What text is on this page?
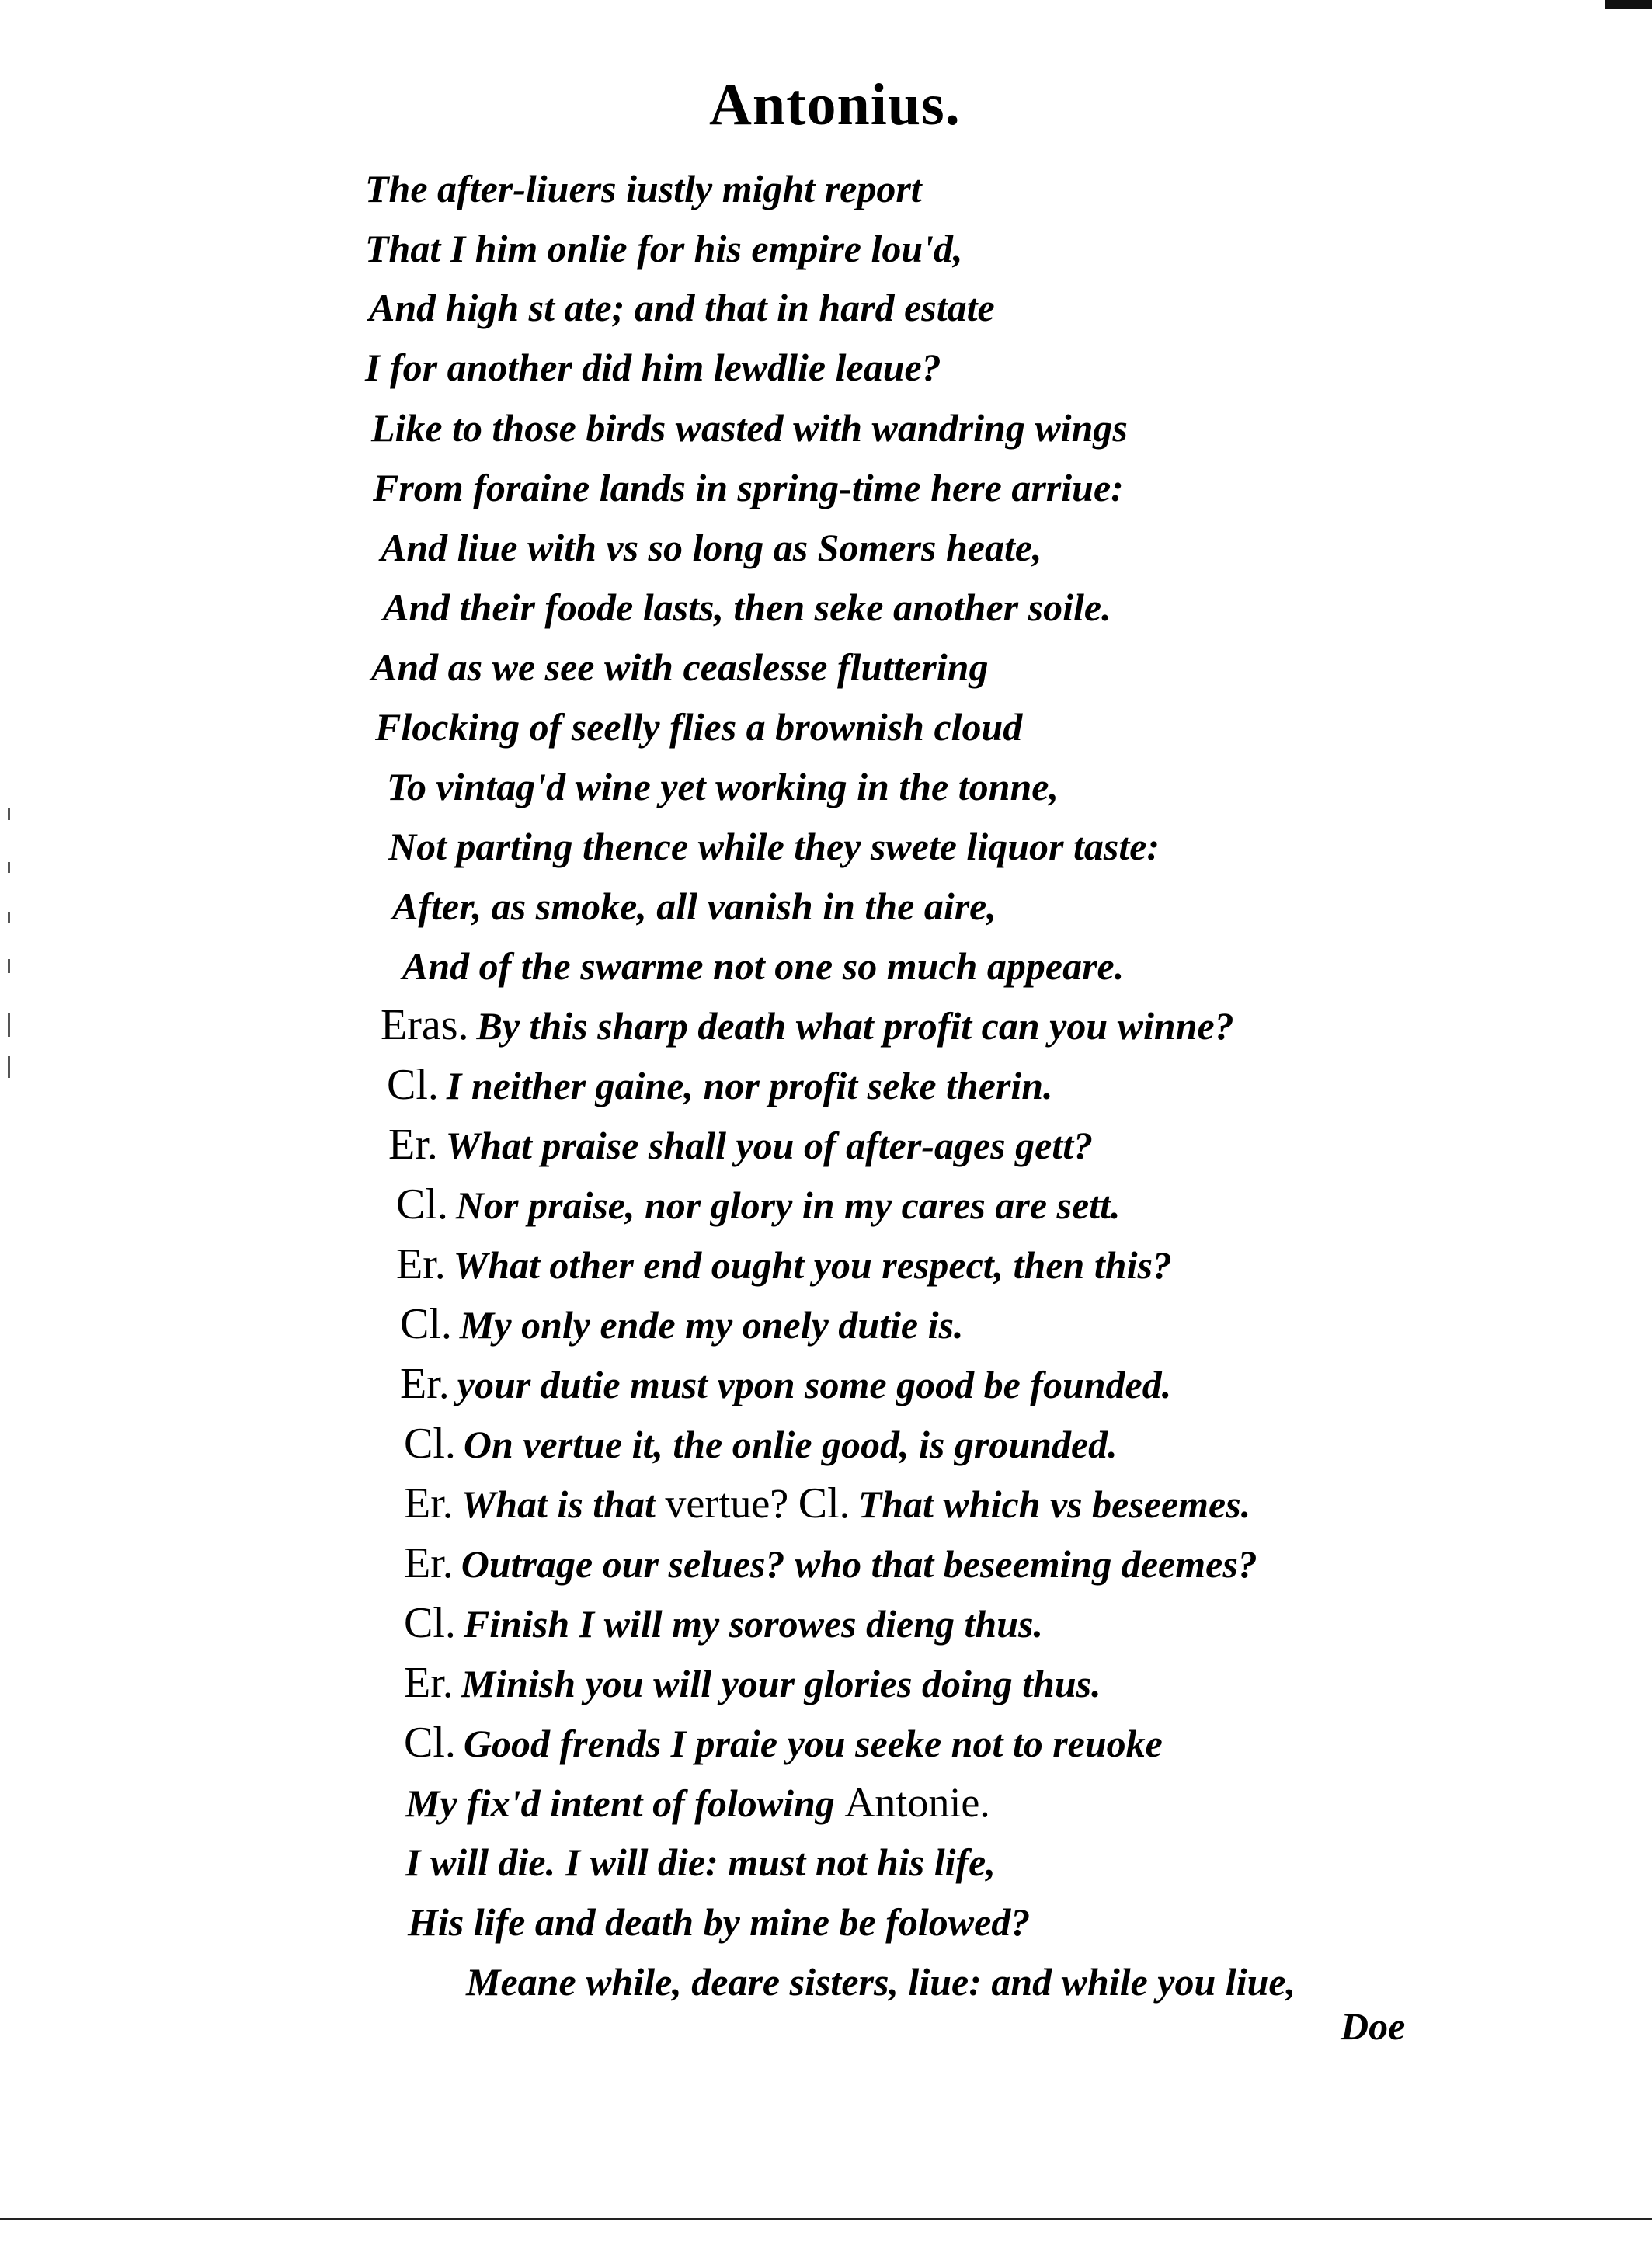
Antonius.
The after-liuers iustly might report
That I him onlie for his empire lou'd,
And high st ate; and that in hard estate
I for another did him lewdlie leaue?
Like to those birds wasted with wandring wings
From foraine lands in spring-time here arriue:
And liue with vs so long as Somers heate,
And their foode lasts, then seke another soile.
And as we see with ceaslesse fluttering
Flocking of seelly flies a brownish cloud
To vintag'd wine yet working in the tonne,
Not parting thence while they swete liquor taste:
After, as smoke, all vanish in the aire,
And of the swarme not one so much appeare.
Eras. By this sharp death what profit can you winne?
Cl. I neither gaine, nor profit seke therin.
Er. What praise shall you of after-ages gett?
Cl. Nor praise, nor glory in my cares are sett.
Er. What other end ought you respect, then this?
Cl. My only ende my onely dutie is.
Er. your dutie must vpon some good be founded.
Cl. On vertue it, the onlie good, is grounded.
Er. What is that vertue? Cl. That which vs beseemes.
Er. Outrage our selues? who that beseeming deemes?
Cl. Finish I will my sorowes dieng thus.
Er. Minish you will your glories doing thus.
Cl. Good frends I praie you seeke not to reuoke
My fix'd intent of folowing Antonie.
I will die. I will die: must not his life,
His life and death by mine be folowed?
Meane while, deare sisters, liue: and while you liue,
Doe
